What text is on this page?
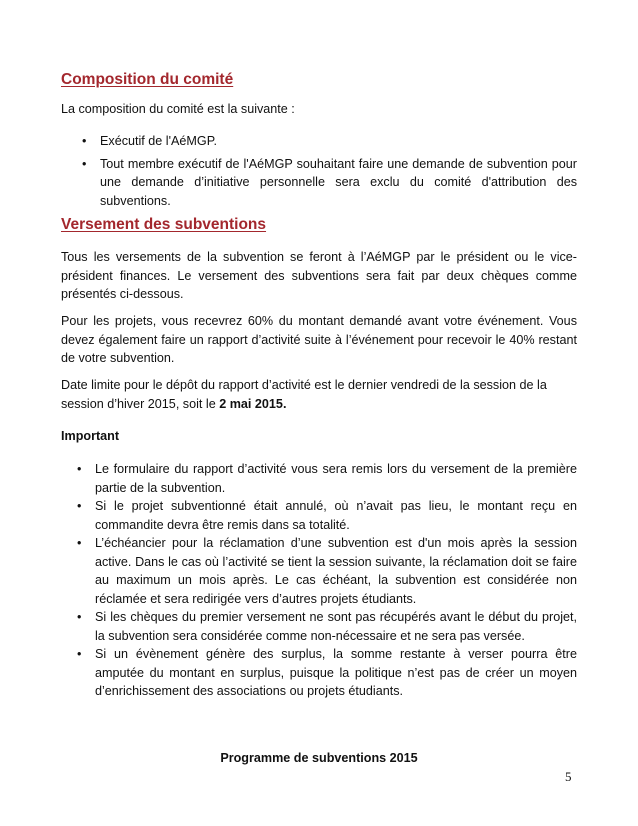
Composition du comité

La composition du comité est la suivante :

• Exécutif de l'AéMGP.
• Tout membre exécutif de l'AéMGP souhaitant faire une demande de subvention pour une demande d’initiative personnelle sera exclu du comité d'attribution des subventions.
Versement des subventions

Tous les versements de la subvention se feront à l’AéMGP par le président ou le vice-président finances. Le versement des subventions sera fait par deux chèques comme présentés ci-dessous.

Pour les projets, vous recevrez 60% du montant demandé avant votre événement. Vous devez également faire un rapport d’activité suite à l’événement pour recevoir le 40% restant de votre subvention.

Date limite pour le dépôt du rapport d’activité est le dernier vendredi de la session de la session d’hiver 2015, soit le 2 mai 2015.

Important

• Le formulaire du rapport d’activité vous sera remis lors du versement de la première partie de la subvention.
• Si le projet subventionné était annulé, où n’avait pas lieu, le montant reçu en commandite devra être remis dans sa totalité.
• L’échéancier pour la réclamation d’une subvention est d'un mois après la session active. Dans le cas où l’activité se tient la session suivante, la réclamation doit se faire au maximum un mois après. Le cas échéant, la subvention est considérée non réclamée et sera redirigée vers d’autres projets étudiants.
• Si les chèques du premier versement ne sont pas récupérés avant le début du projet, la subvention sera considérée comme non-nécessaire et ne sera pas versée.
• Si un évènement génère des surplus, la somme restante à verser pourra être amputée du montant en surplus, puisque la politique n’est pas de créer un moyen d’enrichissement des associations ou projets étudiants.
Programme de subventions 2015
5
